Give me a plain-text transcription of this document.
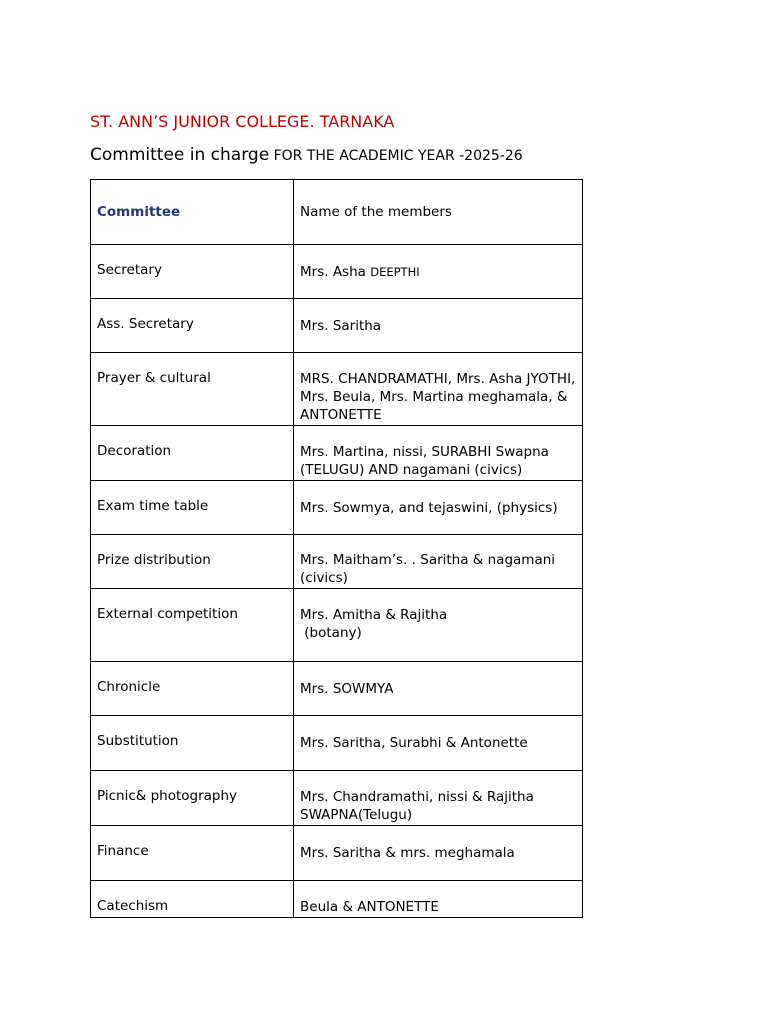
ST. ANN’S JUNIOR COLLEGE. TARNAKA
Committee in charge FOR THE ACADEMIC YEAR -2025-26
Committee	Name of the members
Secretary	Mrs. Asha DEEPTHI
Ass. Secretary	Mrs. Saritha
Prayer & cultural	MRS. CHANDRAMATHI, Mrs. Asha JYOTHI, Mrs. Beula, Mrs. Martina meghamala, & ANTONETTE
Decoration	Mrs. Martina, nissi, SURABHI Swapna (TELUGU) AND nagamani (civics)
Exam time table	Mrs. Sowmya, and tejaswini, (physics)
Prize distribution	Mrs. Maitham’s. . Saritha & nagamani (civics)
External competition	Mrs. Amitha & Rajitha
(botany)

Chronicle	Mrs. SOWMYA
Substitution	Mrs. Saritha, Surabhi & Antonette
Picnic& photography	Mrs. Chandramathi, nissi & Rajitha SWAPNA(Telugu)
Finance	Mrs. Saritha & mrs. meghamala
Catechism	Beula & ANTONETTE
